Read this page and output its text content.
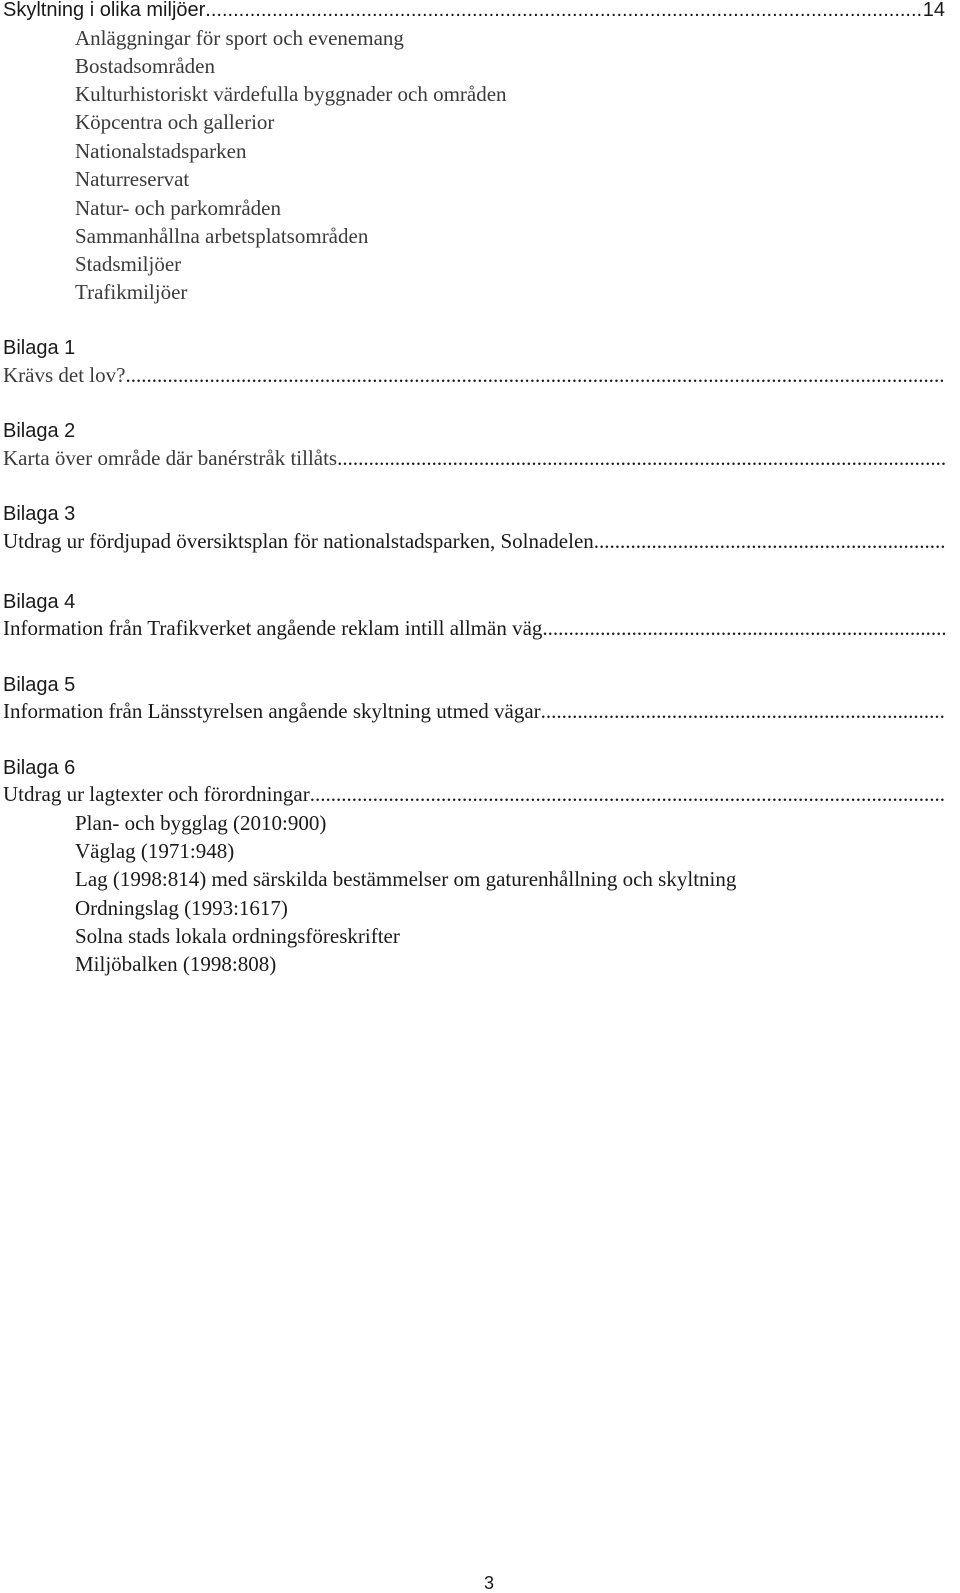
Skyltning i olika miljöer
.....	14
Anläggningar för sport och evenemang
Bostadsområden
Kulturhistoriskt värdefulla byggnader och områden
Köpcentra och gallerior
Nationalstadsparken
Naturreservat
Natur- och parkområden
Sammanhållna arbetsplatsområden
Stadsmiljöer
Trafikmiljöer
Bilaga 1
Krävs det lov?
.....
Bilaga 2
Karta över område där banérstråk tillåts
.....
Bilaga 3
Utdrag ur fördjupad översiktsplan för nationalstadsparken, Solnadelen
.....
Bilaga 4
Information från Trafikverket angående reklam intill allmän väg
.....
Bilaga 5
Information från Länsstyrelsen angående skyltning utmed vägar
.....
Bilaga 6
Utdrag ur lagtexter och förordningar
.....
Plan- och bygglag (2010:900)
Väglag (1971:948)
Lag (1998:814) med särskilda bestämmelser om gaturenhållning och skyltning
Ordningslag (1993:1617)
Solna stads lokala ordningsföreskrifter
Miljöbalken (1998:808)
3
